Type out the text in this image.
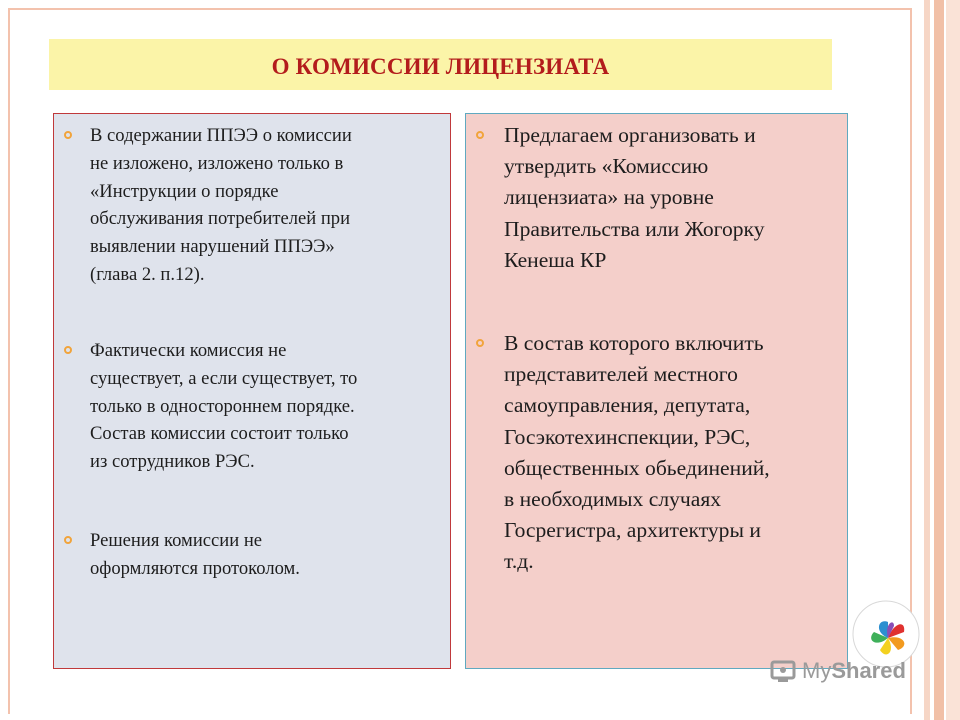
О КОМИССИИ ЛИЦЕНЗИАТА
В содержании ППЭЭ о комиссии
не изложено, изложено только в
«Инструкции о порядке
обслуживания потребителей при
выявлении нарушений ППЭЭ»
(глава 2. п.12).
Фактически комиссия не
существует, а если существует, то
только в одностороннем порядке.
Состав комиссии состоит только
из сотрудников РЭС.
Решения комиссии не
оформляются протоколом.
Предлагаем организовать и
утвердить «Комиссию
лицензиата» на уровне
Правительства или Жогорку
Кенеша КР
В состав которого включить
представителей местного
самоуправления, депутата,
Госэкотехинспекции, РЭС,
общественных обьединений,
в необходимых случаях
Госрегистра, архитектуры и
т.д.
My Shared
